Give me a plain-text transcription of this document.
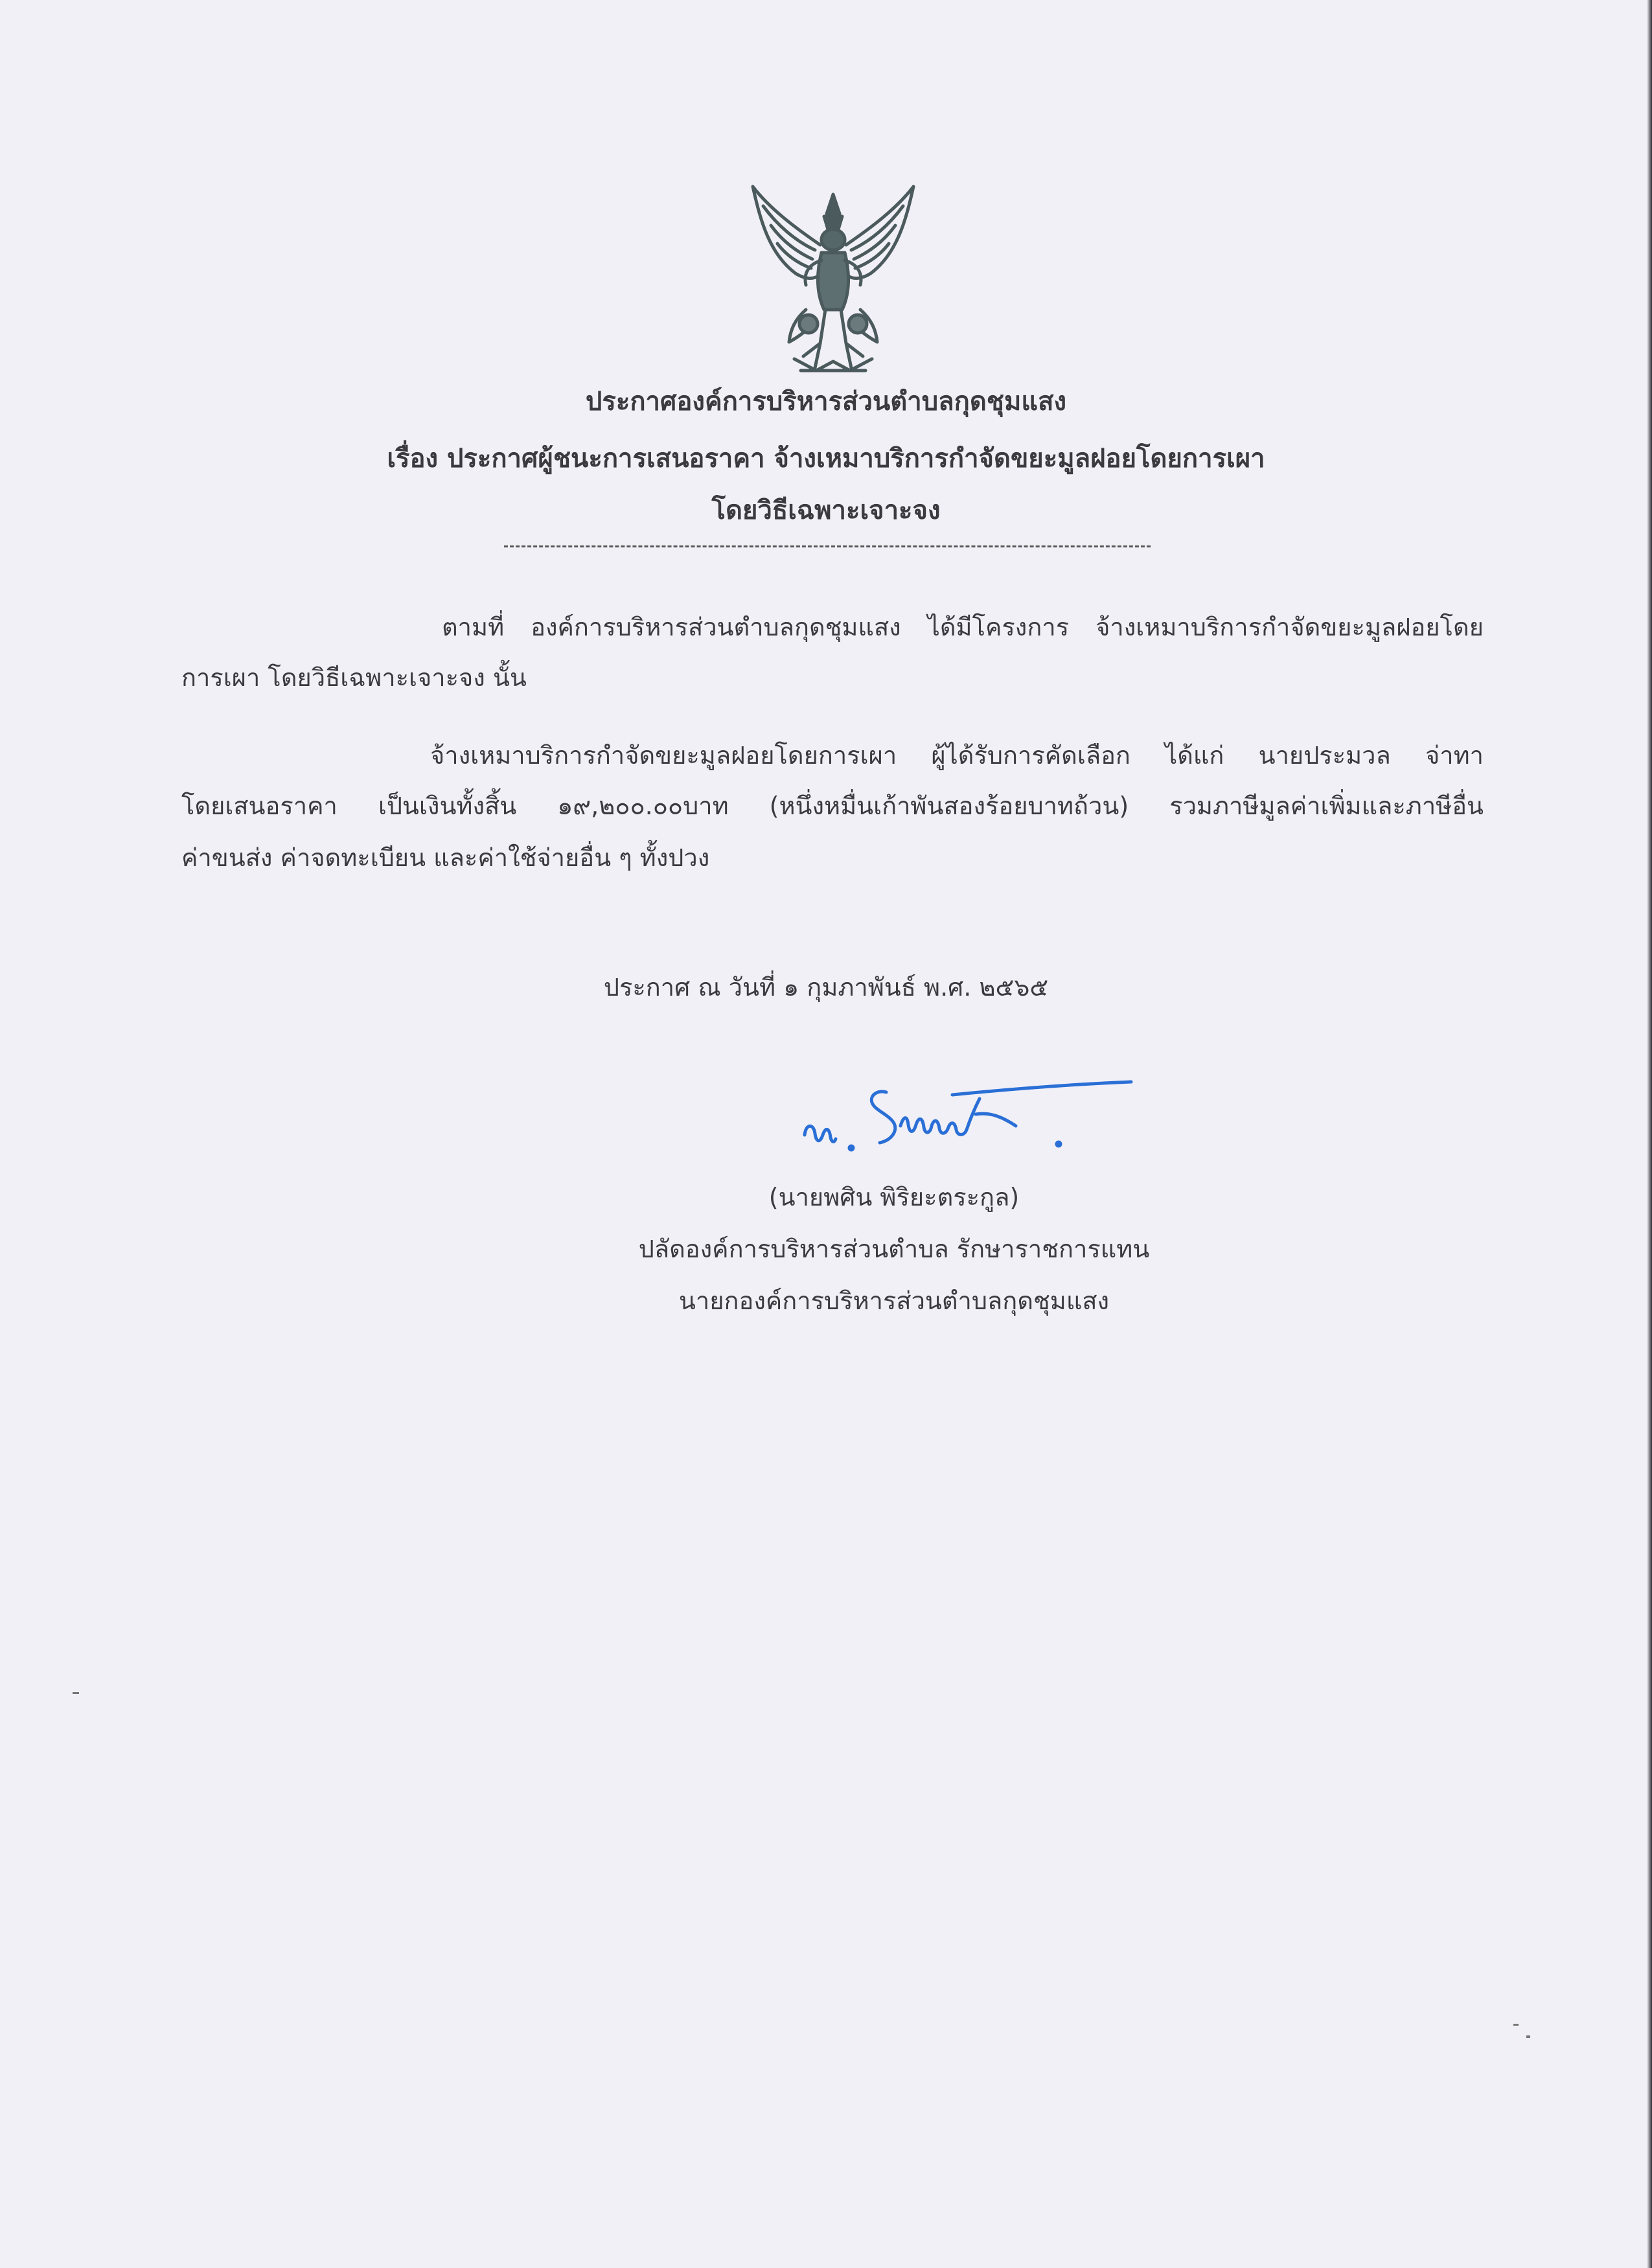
ประกาศองค์การบริหารส่วนตำบลกุดชุมแสง
เรื่อง ประกาศผู้ชนะการเสนอราคา จ้างเหมาบริการกำจัดขยะมูลฝอยโดยการเผา
โดยวิธีเฉพาะเจาะจง
ตามที่ องค์การบริหารส่วนตำบลกุดชุมแสง ได้มีโครงการ จ้างเหมาบริการกำจัดขยะมูลฝอยโดย
การเผา โดยวิธีเฉพาะเจาะจง นั้น
จ้างเหมาบริการกำจัดขยะมูลฝอยโดยการเผา ผู้ได้รับการคัดเลือก ได้แก่ นายประมวล จ่าทา
โดยเสนอราคา เป็นเงินทั้งสิ้น ๑๙,๒๐๐.๐๐บาท (หนึ่งหมื่นเก้าพันสองร้อยบาทถ้วน) รวมภาษีมูลค่าเพิ่มและภาษีอื่น
ค่าขนส่ง ค่าจดทะเบียน และค่าใช้จ่ายอื่น ๆ ทั้งปวง
ประกาศ ณ วันที่ ๑ กุมภาพันธ์ พ.ศ. ๒๕๖๕
(นายพศิน พิริยะตระกูล)
ปลัดองค์การบริหารส่วนตำบล รักษาราชการแทน
นายกองค์การบริหารส่วนตำบลกุดชุมแสง
